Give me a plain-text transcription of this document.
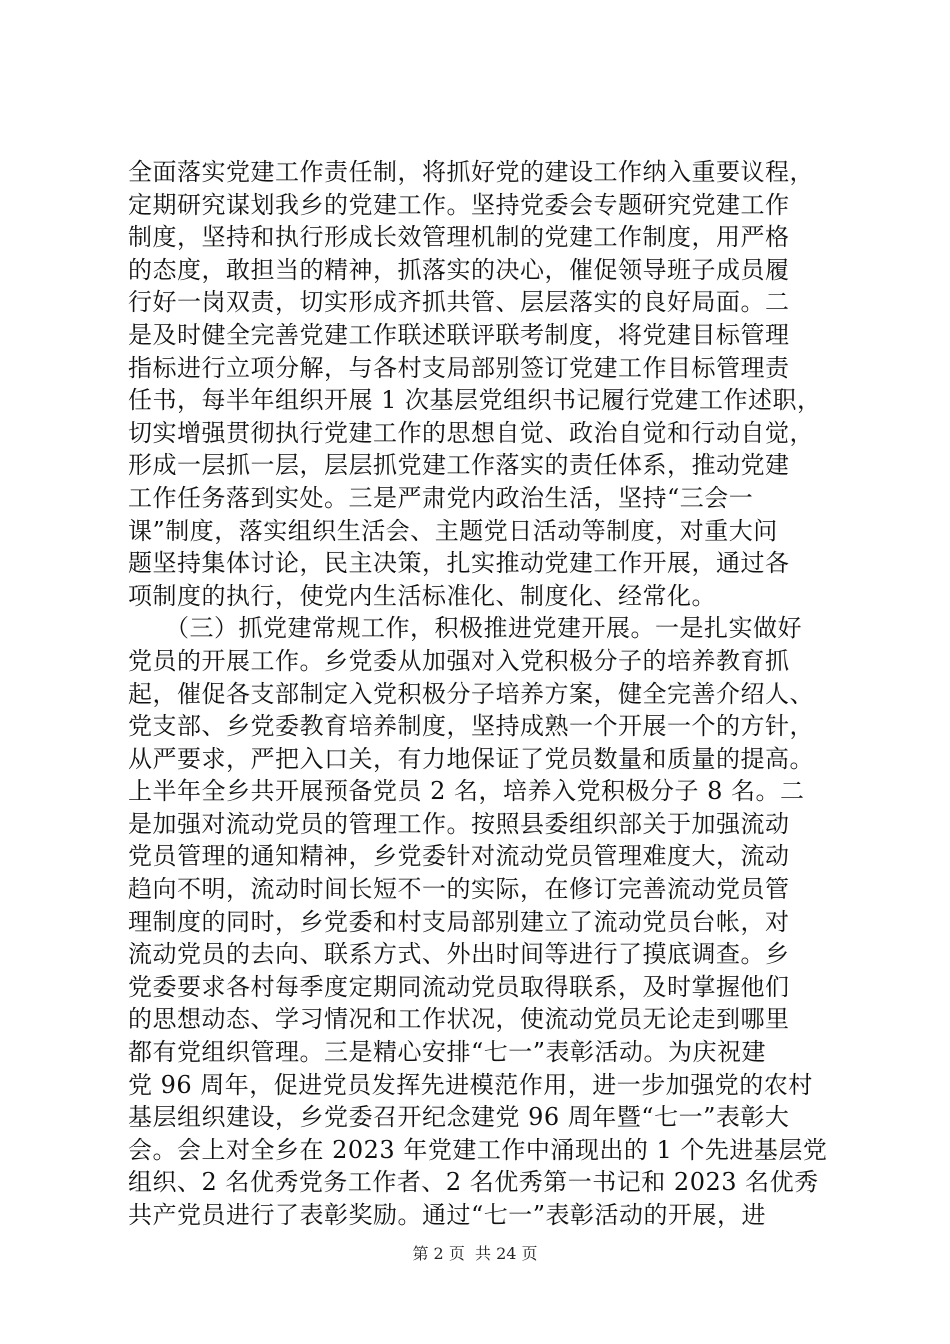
全面落实党建工作责任制，将抓好党的建设工作纳入重要议程，
定期研究谋划我乡的党建工作。坚持党委会专题研究党建工作
制度，坚持和执行形成长效管理机制的党建工作制度，用严格
的态度，敢担当的精神，抓落实的决心，催促领导班子成员履
行好一岗双责，切实形成齐抓共管、层层落实的良好局面。二
是及时健全完善党建工作联述联评联考制度，将党建目标管理
指标进行立项分解，与各村支局部别签订党建工作目标管理责
任书，每半年组织开展 1 次基层党组织书记履行党建工作述职，
切实增强贯彻执行党建工作的思想自觉、政治自觉和行动自觉，
形成一层抓一层，层层抓党建工作落实的责任体系，推动党建
工作任务落到实处。三是严肃党内政治生活，坚持“三会一
课”制度，落实组织生活会、主题党日活动等制度，对重大问
题坚持集体讨论，民主决策，扎实推动党建工作开展，通过各
项制度的执行，使党内生活标准化、制度化、经常化。
　　（三）抓党建常规工作，积极推进党建开展。一是扎实做好
党员的开展工作。乡党委从加强对入党积极分子的培养教育抓
起，催促各支部制定入党积极分子培养方案，健全完善介绍人、
党支部、乡党委教育培养制度，坚持成熟一个开展一个的方针，
从严要求，严把入口关，有力地保证了党员数量和质量的提高。
上半年全乡共开展预备党员 2 名，培养入党积极分子 8 名。二
是加强对流动党员的管理工作。按照县委组织部关于加强流动
党员管理的通知精神，乡党委针对流动党员管理难度大，流动
趋向不明，流动时间长短不一的实际，在修订完善流动党员管
理制度的同时，乡党委和村支局部别建立了流动党员台帐，对
流动党员的去向、联系方式、外出时间等进行了摸底调查。乡
党委要求各村每季度定期同流动党员取得联系，及时掌握他们
的思想动态、学习情况和工作状况，使流动党员无论走到哪里
都有党组织管理。三是精心安排“七一”表彰活动。为庆祝建
党 96 周年，促进党员发挥先进模范作用，进一步加强党的农村
基层组织建设，乡党委召开纪念建党 96 周年暨“七一”表彰大
会。会上对全乡在 2023 年党建工作中涌现出的 1 个先进基层党
组织、2 名优秀党务工作者、2 名优秀第一书记和 2023 名优秀
共产党员进行了表彰奖励。通过“七一”表彰活动的开展，进
第 2 页  共 24 页
